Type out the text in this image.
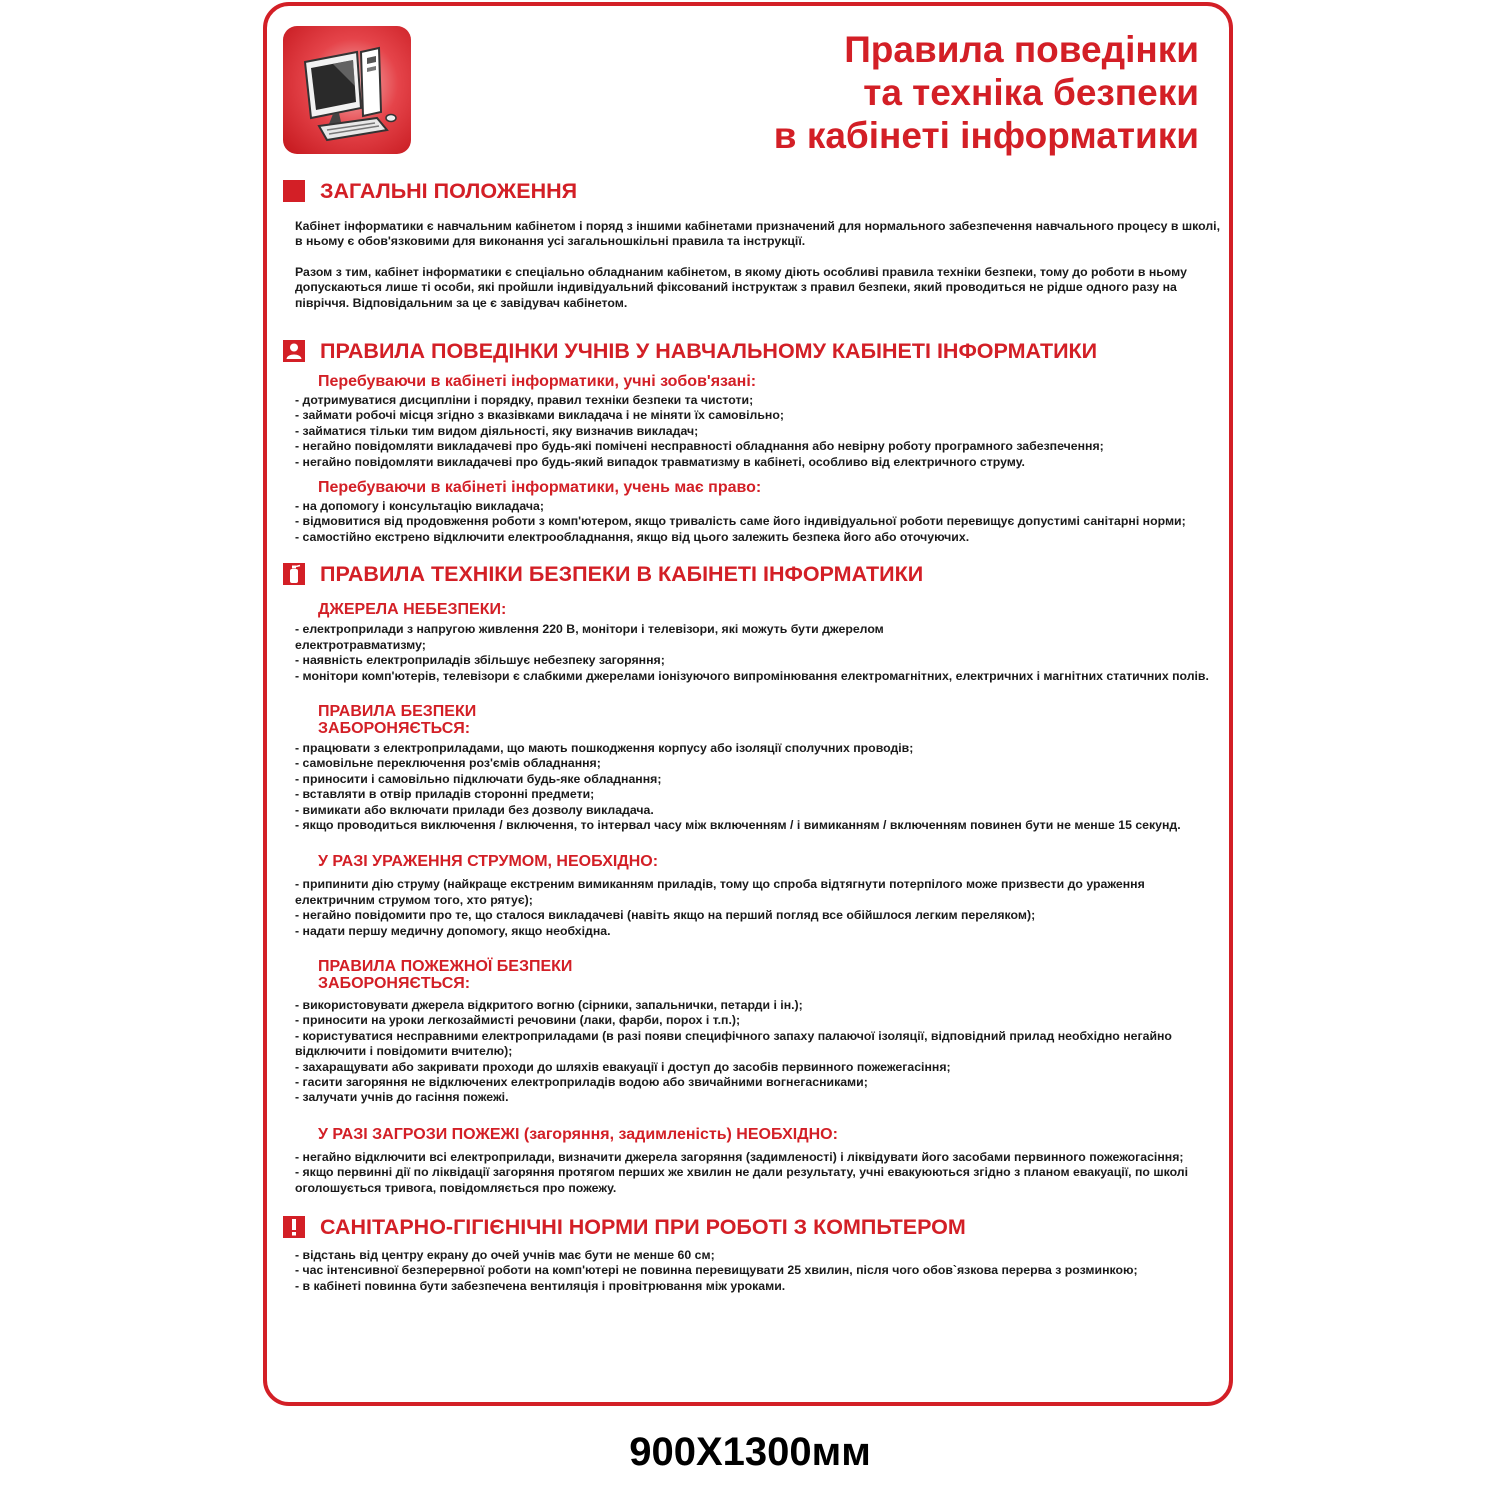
Правила поведінки
та техніка безпеки
в кабінеті інформатики
ЗАГАЛЬНІ ПОЛОЖЕННЯ

Кабінет інформатики є навчальним кабінетом і поряд з іншими кабінетами призначений для нормального забезпечення навчального процесу в школі, в ньому є обов'язковими для виконання усі загальношкільні правила та інструкції.

Разом з тим, кабінет інформатики є спеціально обладнаним кабінетом, в якому діють особливі правила техніки безпеки, тому до роботи в ньому допускаються лише ті особи, які пройшли індивідуальний фіксований інструктаж з правил безпеки, який проводиться не рідше одного разу на півріччя. Відповідальним за це є завідувач кабінетом.

ПРАВИЛА ПОВЕДІНКИ УЧНІВ У НАВЧАЛЬНОМУ КАБІНЕТІ ІНФОРМАТИКИ
Перебуваючи в кабінеті інформатики, учні зобов'язані:

- дотримуватися дисципліни і порядку, правил техніки безпеки та чистоти;

- займати робочі місця згідно з вказівками викладача і не міняти їх самовільно;

- займатися тільки тим видом діяльності, яку визначив викладач;

- негайно повідомляти викладачеві про будь-які помічені несправності обладнання або невірну роботу програмного забезпечення;

- негайно повідомляти викладачеві про будь-який випадок травматизму в кабінеті, особливо від електричного струму.

Перебуваючи в кабінеті інформатики, учень має право:

- на допомогу і консультацію викладача;

- відмовитися від продовження роботи з комп'ютером, якщо тривалість саме його індивідуальної роботи перевищує допустимі санітарні норми;

- самостійно екстрено відключити електрообладнання, якщо від цього залежить безпека його або оточуючих.

ПРАВИЛА ТЕХНІКИ БЕЗПЕКИ В КАБІНЕТІ ІНФОРМАТИКИ
ДЖЕРЕЛА НЕБЕЗПЕКИ:

- електроприлади з напругою живлення 220 В, монітори і телевізори, які можуть бути джерелом електротравматизму;

- наявність електроприладів збільшує небезпеку загоряння;

- монітори комп'ютерів, телевізори є слабкими джерелами іонізуючого випромінювання електромагнітних, електричних і магнітних статичних полів.

ПРАВИЛА БЕЗПЕКИ
ЗАБОРОНЯЄТЬСЯ:

- працювати з електроприладами, що мають пошкодження корпусу або ізоляції сполучних проводів;

- самовільне переключення роз'ємів обладнання;

- приносити і самовільно підключати будь-яке обладнання;

- вставляти в отвір приладів сторонні предмети;

- вимикати або включати прилади без дозволу викладача.

- якщо проводиться виключення / включення, то інтервал часу між включенням / і вимиканням / включенням повинен бути не менше 15 секунд.

У РАЗІ УРАЖЕННЯ СТРУМОМ, НЕОБХІДНО:

- припинити дію струму (найкраще екстреним вимиканням приладів, тому що спроба відтягнути потерпілого може призвести до ураження електричним струмом того, хто рятує);

- негайно повідомити про те, що сталося викладачеві (навіть якщо на перший погляд все обійшлося легким переляком);

- надати першу медичну допомогу, якщо необхідна.

ПРАВИЛА ПОЖЕЖНОЇ БЕЗПЕКИ
ЗАБОРОНЯЄТЬСЯ:

- використовувати джерела відкритого вогню (сірники, запальнички, петарди і ін.);

- приносити на уроки легкозаймисті речовини (лаки, фарби, порох і т.п.);

- користуватися несправними електроприладами (в разі появи специфічного запаху палаючої ізоляції, відповідний прилад необхідно негайно відключити і повідомити вчителю);

- захаращувати або закривати проходи до шляхів евакуації і доступ до засобів первинного пожежегасіння;

- гасити загоряння не відключених електроприладів водою або звичайними вогнегасниками;

- залучати учнів до гасіння пожежі.

У РАЗІ ЗАГРОЗИ ПОЖЕЖІ (загоряння, задимленість) НЕОБХІДНО:

- негайно відключити всі електроприлади, визначити джерела загоряння (задимленості) і ліквідувати його засобами первинного пожежогасіння;

- якщо первинні дії по ліквідації загоряння протягом перших же хвилин не дали результату, учні евакуюються згідно з планом евакуації, по школі оголошується тривога, повідомляється про пожежу.

САНІТАРНО-ГІГІЄНІЧНІ НОРМИ ПРИ РОБОТІ З КОМПЬТЕРОМ

- відстань від центру екрану до очей учнів має бути не менше 60 см;

- час інтенсивної безперервної роботи на комп'ютері не повинна перевищувати 25 хвилин, після чого обов`язкова перерва з розминкою;

- в кабінеті повинна бути забезпечена вентиляція і провітрювання між уроками.

900X1300мм
